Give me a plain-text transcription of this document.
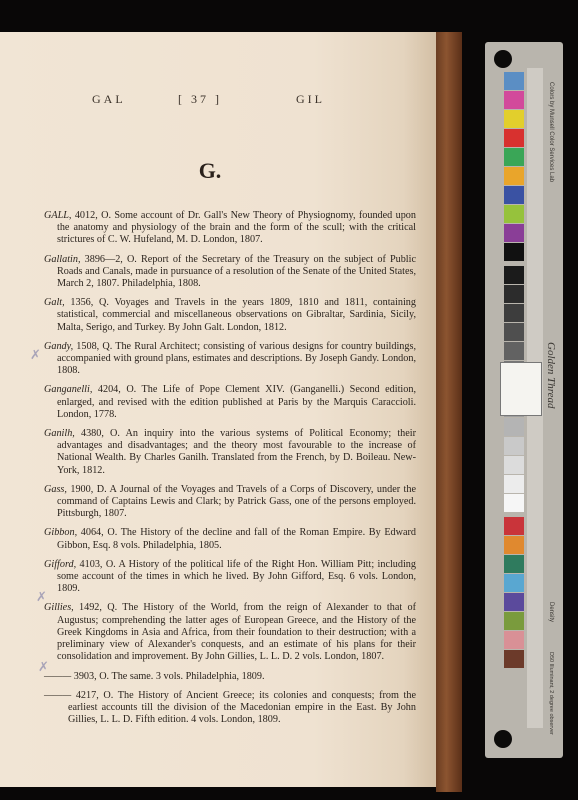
GAL	[ 37 ]	GIL
G.
GALL, 4012, O. Some account of Dr. Gall's New Theory of Physiognomy, founded upon the anatomy and physiology of the brain and the form of the scull; with the critical strictures of C. W. Hufeland, M. D. London, 1807.
Gallatin, 3896—2, O. Report of the Secretary of the Treasury on the subject of Public Roads and Canals, made in pursuance of a resolution of the Senate of the United States, March 2, 1807. Philadelphia, 1808.
Galt, 1356, Q. Voyages and Travels in the years 1809, 1810 and 1811, containing statistical, commercial and miscellaneous observations on Gibraltar, Sardinia, Sicily, Malta, Serigo, and Turkey. By John Galt. London, 1812.
Gandy, 1508, Q. The Rural Architect; consisting of various designs for country buildings, accompanied with ground plans, estimates and descriptions. By Joseph Gandy. London, 1808.
Ganganelli, 4204, O. The Life of Pope Clement XIV. (Ganganelli.) Second edition, enlarged, and revised with the edition published at Paris by the Marquis Caraccioli. London, 1778.
Ganilh, 4380, O. An inquiry into the various systems of Political Economy; their advantages and disadvantages; and the theory most favourable to the increase of National Wealth. By Charles Ganilh. Translated from the French, by D. Boileau. New-York, 1812.
Gass, 1900, D. A Journal of the Voyages and Travels of a Corps of Discovery, under the command of Captains Lewis and Clark; by Patrick Gass, one of the persons employed. Pittsburgh, 1807.
Gibbon, 4064, O. The History of the decline and fall of the Roman Empire. By Edward Gibbon, Esq. 8 vols. Philadelphia, 1805.
Gifford, 4103, O. A History of the political life of the Right Hon. William Pitt; including some account of the times in which he lived. By John Gifford, Esq. 6 vols. London, 1809.
Gillies, 1492, Q. The History of the World, from the reign of Alexander to that of Augustus; comprehending the latter ages of European Greece, and the History of the Greek Kingdoms in Asia and Africa, from their foundation to their destruction; with a preliminary view of Alexander's conquests, and an estimate of his plans for their consolidation and improvement. By John Gillies, L. L. D. 2 vols. London, 1807.
——— 3903, O. The same. 3 vols. Philadelphia, 1809.
——— 4217, O. The History of Ancient Greece; its colonies and conquests; from the earliest accounts till the division of the Macedonian empire in the East. By John Gillies, L. L. D. Fifth edition. 4 vols. London, 1809.
✗
✗
✗
Colors by Munsell Color Services Lab
Golden Thread
Density
D50 Illuminant, 2 degree observer
